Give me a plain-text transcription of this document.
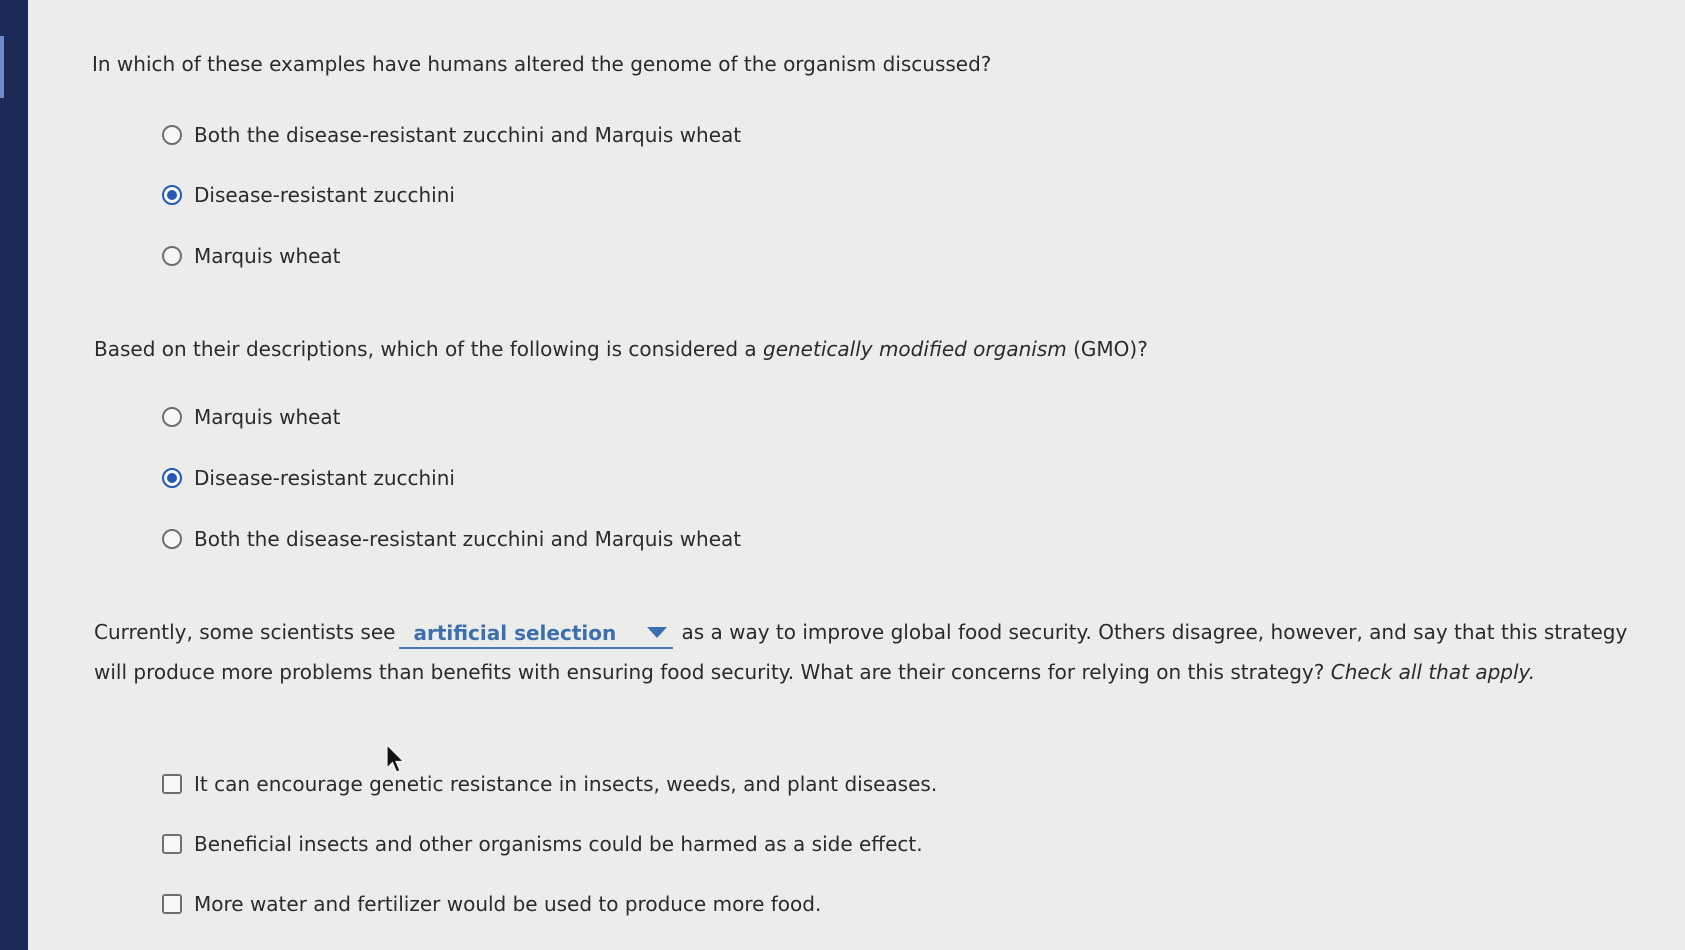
In which of these examples have humans altered the genome of the organism discussed?
Both the disease-resistant zucchini and Marquis wheat
Disease-resistant zucchini
Marquis wheat
Based on their descriptions, which of the following is considered a genetically modified organism (GMO)?
Marquis wheat
Disease-resistant zucchini
Both the disease-resistant zucchini and Marquis wheat
Currently, some scientists see artificial selection	as a way to improve global food security. Others disagree, however, and say that this strategy will produce more problems than benefits with ensuring food security. What are their concerns for relying on this strategy? Check all that apply.
It can encourage genetic resistance in insects, weeds, and plant diseases.
Beneficial insects and other organisms could be harmed as a side effect.
More water and fertilizer would be used to produce more food.
